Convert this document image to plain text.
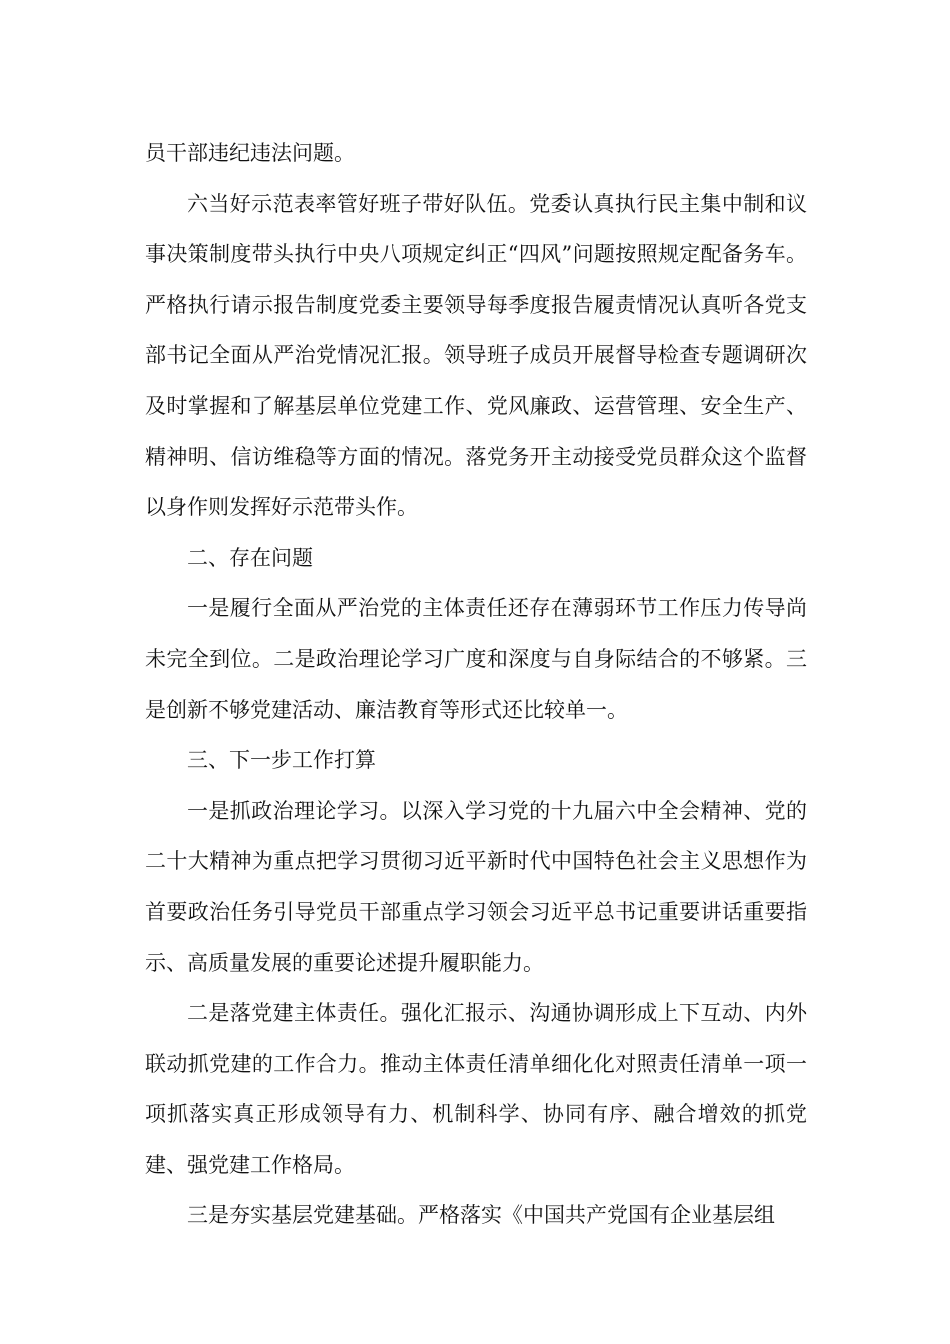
员干部违纪违法问题。

六当好示范表率管好班子带好队伍。党委认真执行民主集中制和议事决策制度带头执行中央八项规定纠正“四风”问题按照规定配备务车。严格执行请示报告制度党委主要领导每季度报告履责情况认真听各党支部书记全面从严治党情况汇报。领导班子成员开展督导检查专题调研次及时掌握和了解基层单位党建工作、党风廉政、运营管理、安全生产、精神明、信访维稳等方面的情况。落党务开主动接受党员群众这个监督以身作则发挥好示范带头作。

二、存在问题

一是履行全面从严治党的主体责任还存在薄弱环节工作压力传导尚未完全到位。二是政治理论学习广度和深度与自身际结合的不够紧。三是创新不够党建活动、廉洁教育等形式还比较单一。

三、下一步工作打算

一是抓政治理论学习。以深入学习党的十九届六中全会精神、党的二十大精神为重点把学习贯彻习近平新时代中国特色社会主义思想作为首要政治任务引导党员干部重点学习领会习近平总书记重要讲话重要指示、高质量发展的重要论述提升履职能力。

二是落党建主体责任。强化汇报示、沟通协调形成上下互动、内外联动抓党建的工作合力。推动主体责任清单细化化对照责任清单一项一项抓落实真正形成领导有力、机制科学、协同有序、融合增效的抓党建、强党建工作格局。

三是夯实基层党建基础。严格落实《中国共产党国有企业基层组
